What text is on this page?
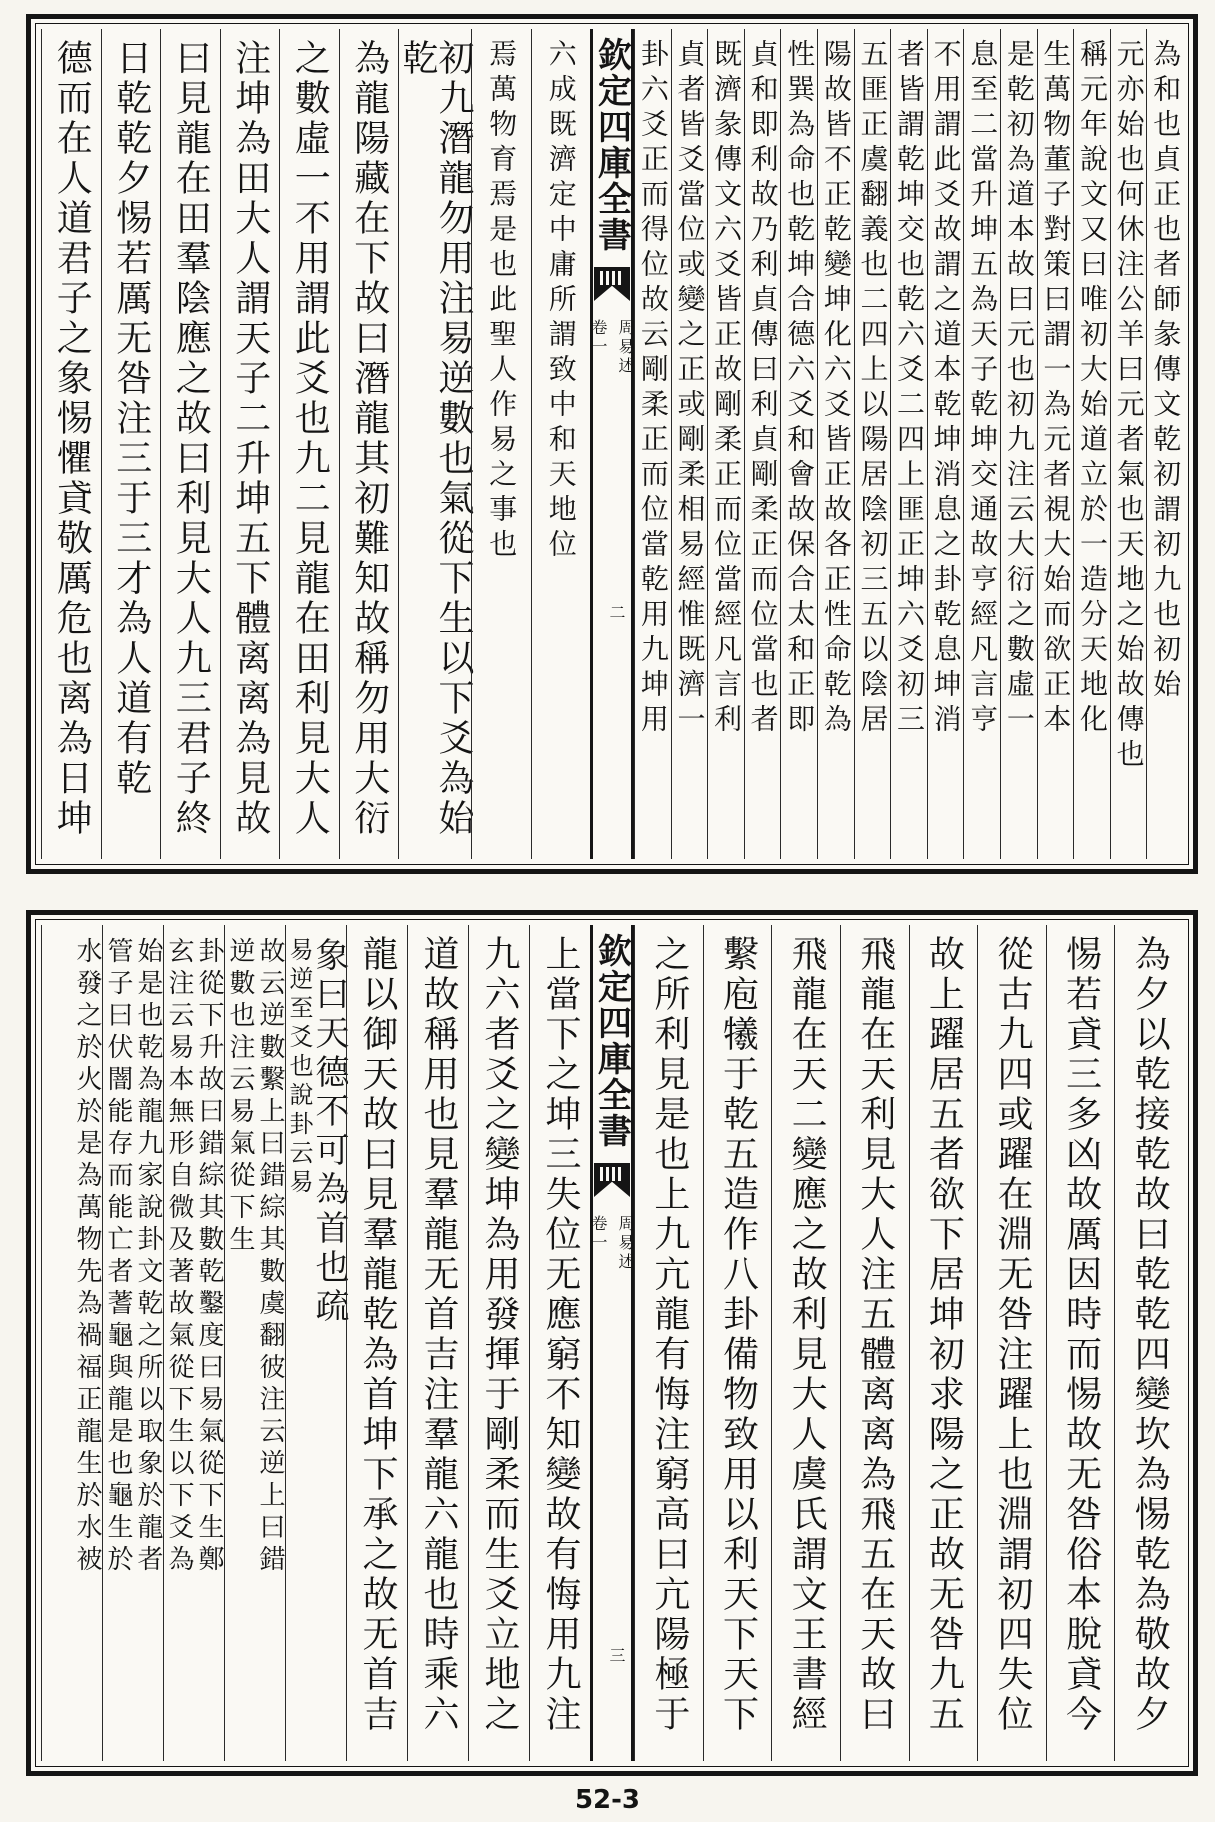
為和也貞正也者師彖傳文乾初謂初九也初始
元亦始也何休注公羊曰元者氣也天地之始故傳也
稱元年說文又曰唯初大始道立於一造分天地化
生萬物董子對策曰謂一為元者視大始而欲正本
是乾初為道本故曰元也初九注云大衍之數虛一
息至二當升坤五為天子乾坤交通故亨經凡言亨
不用謂此爻故謂之道本乾坤消息之卦乾息坤消
者皆謂乾坤交也乾六爻二四上匪正坤六爻初三
五匪正虞翻義也二四上以陽居陰初三五以陰居
陽故皆不正乾變坤化六爻皆正故各正性命乾為
性巽為命也乾坤合德六爻和會故保合太和正即
貞和即利故乃利貞傳曰利貞剛柔正而位當也者
既濟彖傳文六爻皆正故剛柔正而位當經凡言利
貞者皆爻當位或變之正或剛柔相易經惟既濟一
卦六爻正而得位故云剛柔正而位當乾用九坤用
欽定四庫全書
周易述
卷一
二
六成既濟定中庸所謂致中和天地位
焉萬物育焉是也此聖人作易之事也
初九潛龍勿用注易逆數也氣從下生以下爻為始乾
為龍陽藏在下故曰潛龍其初難知故稱勿用大衍
之數虛一不用謂此爻也九二見龍在田利見大人
注坤為田大人謂天子二升坤五下體离离為見故
曰見龍在田羣陰應之故曰利見大人九三君子終
日乾乾夕惕若厲无咎注三于三才為人道有乾
德而在人道君子之象惕懼貣敬厲危也离為日坤
為夕以乾接乾故曰乾乾四變坎為惕乾為敬故夕
惕若貣三多凶故厲因時而惕故无咎俗本脫貣今
從古九四或躍在淵无咎注躍上也淵謂初四失位
故上躍居五者欲下居坤初求陽之正故无咎九五
飛龍在天利見大人注五體离离為飛五在天故曰
飛龍在天二變應之故利見大人虞氏謂文王書經
繫庖犧于乾五造作八卦備物致用以利天下天下
之所利見是也上九亢龍有悔注窮高曰亢陽極于
欽定四庫全書
周易述
卷一
三
上當下之坤三失位无應窮不知變故有悔用九注
九六者爻之變坤為用發揮于剛柔而生爻立地之
道故稱用也見羣龍无首吉注羣龍六龍也時乘六
龍以御天故曰見羣龍乾為首坤下承之故无首吉
象曰天德不可為首也疏
易逆至爻也說卦云易
故云逆數繫上曰錯綜其數虞翻彼注云逆上曰錯
逆數也注云易氣從下生
卦從下升故曰錯綜其數乾鑿度曰易氣從下生鄭
玄注云易本無形自微及著故氣從下生以下爻為
始是也乾為龍九家說卦文乾之所以取象於龍者
管子曰伏闇能存而能亡者蓍龜與龍是也龜生於
水發之於火於是為萬物先為禍福正龍生於水被
52-3
